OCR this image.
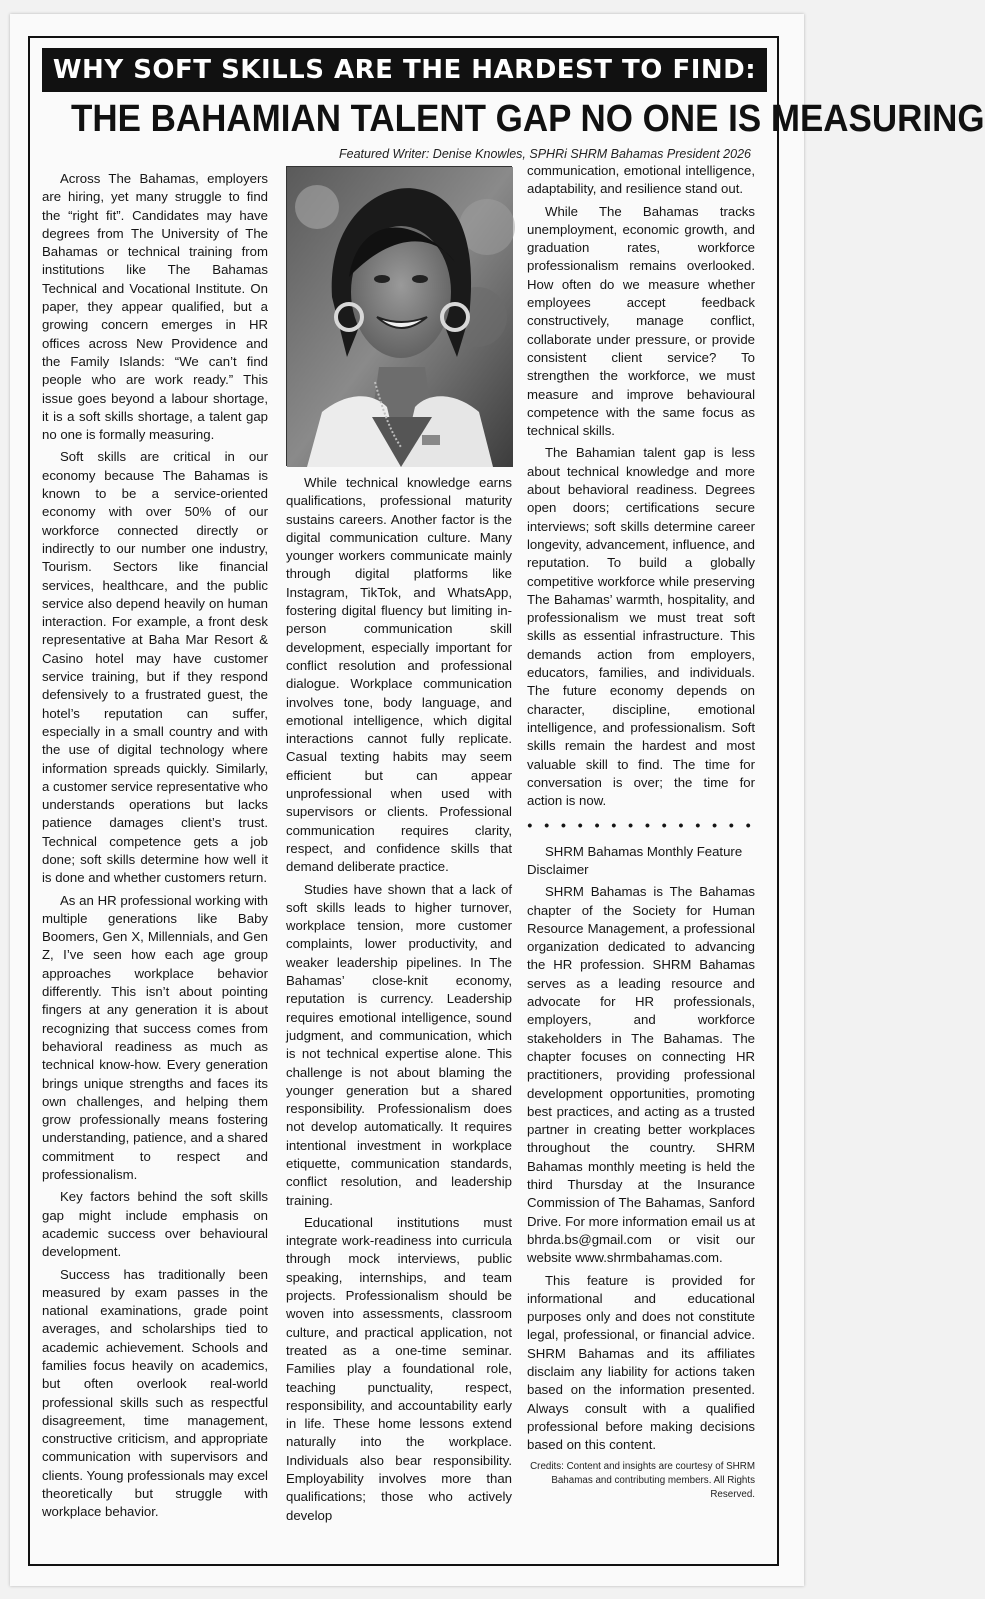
WHY SOFT SKILLS ARE THE HARDEST TO FIND:
THE BAHAMIAN TALENT GAP NO ONE IS MEASURING
Featured Writer: Denise Knowles, SPHRi SHRM Bahamas President 2026

Across The Bahamas, employers are hiring, yet many struggle to find the “right fit”. Candidates may have degrees from The University of The Bahamas or technical training from institutions like The Bahamas Technical and Vocational Institute. On paper, they appear qualified, but a growing concern emerges in HR offices across New Providence and the Family Islands: “We can’t find people who are work ready.” This issue goes beyond a labour shortage, it is a soft skills shortage, a talent gap no one is formally measuring.

Soft skills are critical in our economy because The Bahamas is known to be a service-oriented economy with over 50% of our workforce connected directly or indirectly to our number one industry, Tourism. Sectors like financial services, healthcare, and the public service also depend heavily on human interaction. For example, a front desk representative at Baha Mar Resort & Casino hotel may have customer service training, but if they respond defensively to a frustrated guest, the hotel’s reputation can suffer, especially in a small country and with the use of digital technology where information spreads quickly. Similarly, a customer service representative who understands operations but lacks patience damages client’s trust. Technical competence gets a job done; soft skills determine how well it is done and whether customers return.

As an HR professional working with multiple generations like Baby Boomers, Gen X, Millennials, and Gen Z, I’ve seen how each age group approaches workplace behavior differently. This isn’t about pointing fingers at any generation it is about recognizing that success comes from behavioral readiness as much as technical know-how. Every generation brings unique strengths and faces its own challenges, and helping them grow professionally means fostering understanding, patience, and a shared commitment to respect and professionalism.

Key factors behind the soft skills gap might include emphasis on academic success over behavioural development.

Success has traditionally been measured by exam passes in the national examinations, grade point averages, and scholarships tied to academic achievement. Schools and families focus heavily on academics, but often overlook real-world professional skills such as respectful disagreement, time management, constructive criticism, and appropriate communication with supervisors and clients. Young professionals may excel theoretically but struggle with workplace behavior.

While technical knowledge earns qualifications, professional maturity sustains careers. Another factor is the digital communication culture. Many younger workers communicate mainly through digital platforms like Instagram, TikTok, and WhatsApp, fostering digital fluency but limiting in-person communication skill development, especially important for conflict resolution and professional dialogue. Workplace communication involves tone, body language, and emotional intelligence, which digital interactions cannot fully replicate. Casual texting habits may seem efficient but can appear unprofessional when used with supervisors or clients. Professional communication requires clarity, respect, and confidence skills that demand deliberate practice.

Studies have shown that a lack of soft skills leads to higher turnover, workplace tension, more customer complaints, lower productivity, and weaker leadership pipelines. In The Bahamas’ close-knit economy, reputation is currency. Leadership requires emotional intelligence, sound judgment, and communication, which is not technical expertise alone. This challenge is not about blaming the younger generation but a shared responsibility. Professionalism does not develop automatically. It requires intentional investment in workplace etiquette, communication standards, conflict resolution, and leadership training.

Educational institutions must integrate work-readiness into curricula through mock interviews, public speaking, internships, and team projects. Professionalism should be woven into assessments, classroom culture, and practical application, not treated as a one-time seminar. Families play a foundational role, teaching punctuality, respect, responsibility, and accountability early in life. These home lessons extend naturally into the workplace. Individuals also bear responsibility. Employability involves more than qualifications; those who actively develop

communication, emotional intelligence, adaptability, and resilience stand out.

While The Bahamas tracks unemployment, economic growth, and graduation rates, workforce professionalism remains overlooked. How often do we measure whether employees accept feedback constructively, manage conflict, collaborate under pressure, or provide consistent client service? To strengthen the workforce, we must measure and improve behavioural competence with the same focus as technical skills.

The Bahamian talent gap is less about technical knowledge and more about behavioral readiness. Degrees open doors; certifications secure interviews; soft skills determine career longevity, advancement, influence, and reputation. To build a globally competitive workforce while preserving The Bahamas’ warmth, hospitality, and professionalism we must treat soft skills as essential infrastructure. This demands action from employers, educators, families, and individuals. The future economy depends on character, discipline, emotional intelligence, and professionalism. Soft skills remain the hardest and most valuable skill to find. The time for conversation is over; the time for action is now.

• • • • • • • • • • • • • •

SHRM Bahamas Monthly Feature Disclaimer

SHRM Bahamas is The Bahamas chapter of the Society for Human Resource Management, a professional organization dedicated to advancing the HR profession. SHRM Bahamas serves as a leading resource and advocate for HR professionals, employers, and workforce stakeholders in The Bahamas. The chapter focuses on connecting HR practitioners, providing professional development opportunities, promoting best practices, and acting as a trusted partner in creating better workplaces throughout the country. SHRM Bahamas monthly meeting is held the third Thursday at the Insurance Commission of The Bahamas, Sanford Drive. For more information email us at bhrda.bs@gmail.com or visit our website www.shrmbahamas.com.

This feature is provided for informational and educational purposes only and does not constitute legal, professional, or financial advice. SHRM Bahamas and its affiliates disclaim any liability for actions taken based on the information presented. Always consult with a qualified professional before making decisions based on this content.

Credits: Content and insights are courtesy of SHRM Bahamas and contributing members. All Rights Reserved.
